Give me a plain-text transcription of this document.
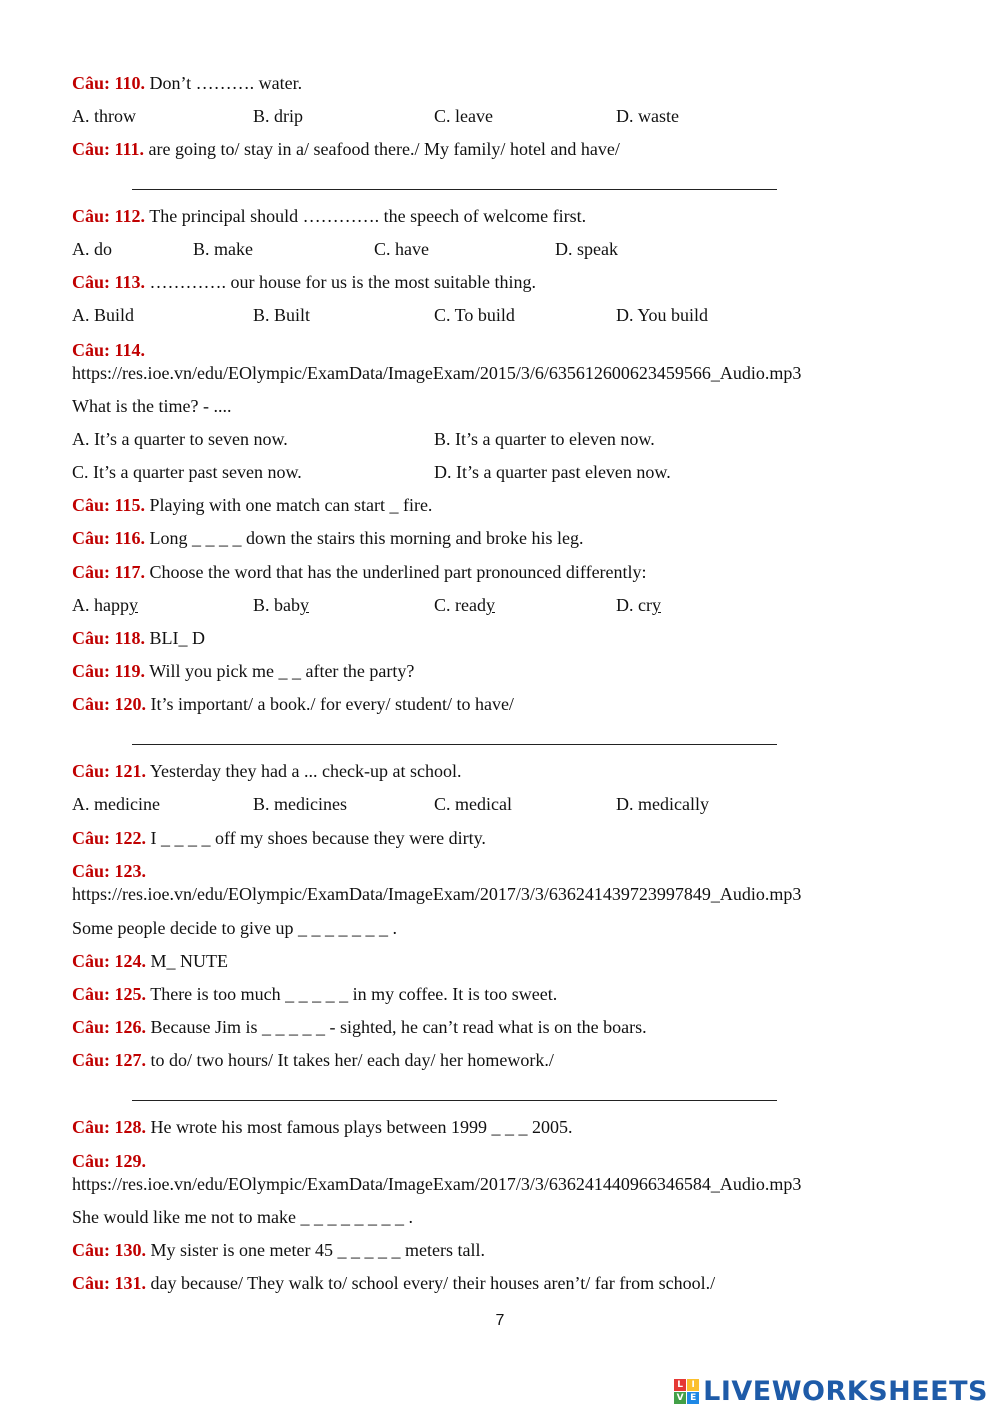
Câu: 110. Don’t ………. water.
A. throw	B. drip	C. leave	D. waste
Câu: 111. are going to/ stay in a/ seafood there./ My family/ hotel and have/
Câu: 112. The principal should …………. the speech of welcome first.
A. do	B. make	C. have	D. speak
Câu: 113. …………. our house for us is the most suitable thing.
A. Build	B. Built	C. To build	D. You build
Câu: 114.
https://res.ioe.vn/edu/EOlympic/ExamData/ImageExam/2015/3/6/635612600623459566_Audio.mp3
What is the time? - ....
A. It’s a quarter to seven now.	B. It’s a quarter to eleven now.
C. It’s a quarter past seven now.	D. It’s a quarter past eleven now.
Câu: 115. Playing with one match can start _ fire.
Câu: 116. Long _ _ _ _ down the stairs this morning and broke his leg.
Câu: 117. Choose the word that has the underlined part pronounced differently:
A. happy	B. baby	C. ready	D. cry
Câu: 118. BLI_ D
Câu: 119. Will you pick me _ _ after the party?
Câu: 120. It’s important/ a book./ for every/ student/ to have/
Câu: 121. Yesterday they had a ... check-up at school.
A. medicine	B. medicines	C. medical	D. medically
Câu: 122. I _ _ _ _ off my shoes because they were dirty.
Câu: 123.
https://res.ioe.vn/edu/EOlympic/ExamData/ImageExam/2017/3/3/636241439723997849_Audio.mp3
Some people decide to give up _ _ _ _ _ _ _ .
Câu: 124. M_ NUTE
Câu: 125. There is too much _ _ _ _ _ in my coffee. It is too sweet.
Câu: 126. Because Jim is _ _ _ _ _ - sighted, he can’t read what is on the boars.
Câu: 127. to do/ two hours/ It takes her/ each day/ her homework./
Câu: 128. He wrote his most famous plays between 1999 _ _ _ 2005.
Câu: 129.
https://res.ioe.vn/edu/EOlympic/ExamData/ImageExam/2017/3/3/636241440966346584_Audio.mp3
She would like me not to make _ _ _ _ _ _ _ _ .
Câu: 130. My sister is one meter 45 _ _ _ _ _ meters tall.
Câu: 131. day because/ They walk to/ school every/ their houses aren’t/ far from school./
7
L I
V E LIVEWORKSHEETS
